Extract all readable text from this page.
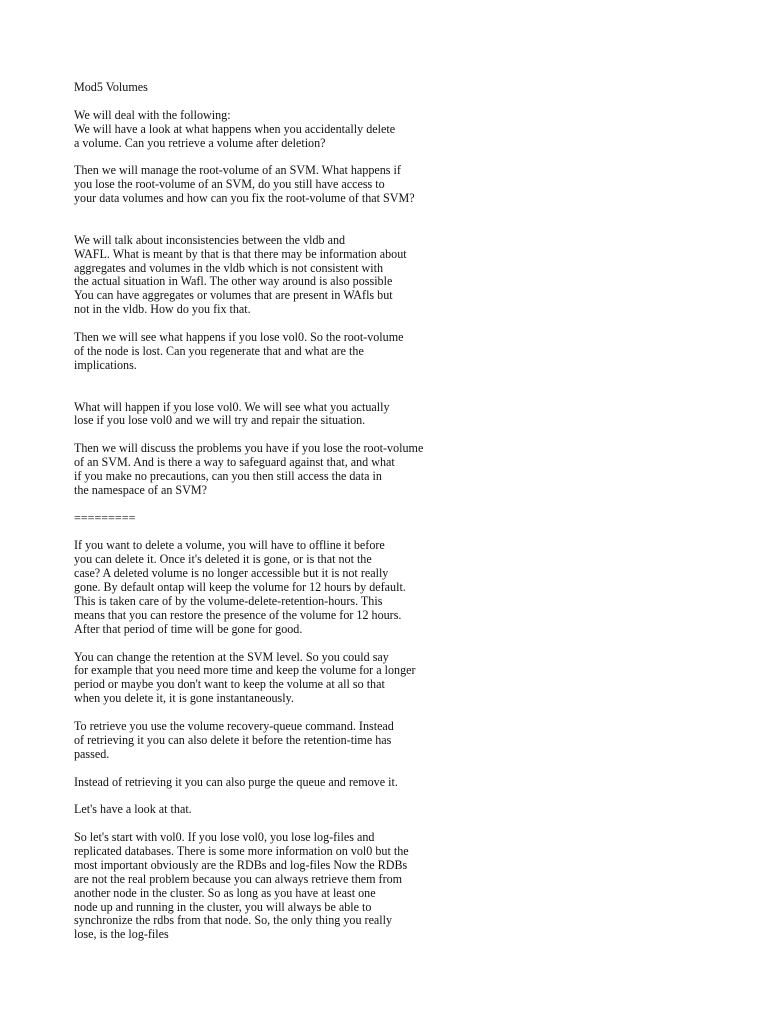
Mod5 Volumes
We will deal with the following:
We will have a look at what happens when you accidentally delete
a volume. Can you retrieve a volume after deletion?
Then we will manage the root-volume of an SVM. What happens if
you lose the root-volume of an SVM, do you still have access to
your data volumes and how can you fix the root-volume of that SVM?
We will talk about inconsistencies between the vldb and
WAFL. What is meant by that is that there may be information about
aggregates and volumes in the vldb which is not consistent with
the actual situation in Wafl. The other way around is also possible
You can have aggregates or volumes that are present in WAfls but
not in the vldb. How do you fix that.
Then we will see what happens if you lose vol0. So the root-volume
of the node is lost. Can you regenerate that and what are the
implications.
What will happen if you lose vol0. We will see what you actually
lose if you lose vol0 and we will try and repair the situation.
Then we will discuss the problems you have if you lose the root-volume
of an SVM. And is there a way to safeguard against that, and what
if you make no precautions, can you then still access the data in
the namespace of an SVM?
=========
If you want to delete a volume, you will have to offline it before
you can delete it. Once it's deleted it is gone, or is that not the
case? A deleted volume is no longer accessible but it is not really
gone. By default ontap will keep the volume for 12 hours by default.
This is taken care of by the volume-delete-retention-hours. This
means that you can restore the presence of the volume for 12 hours.
After that period of time will be gone for good.
You can change the retention at the SVM level. So you could say
for example that you need more time and keep the volume for a longer
period or maybe you don't want to keep the volume at all so that
when you delete it, it is gone instantaneously.
To retrieve you use the volume recovery-queue command. Instead
of retrieving it you can also delete it before the retention-time has
passed.
Instead of retrieving it you can also purge the queue and remove it.
Let's have a look at that.
So let's start with vol0. If you lose vol0, you lose log-files and
replicated databases. There is some more information on vol0 but the
most important obviously are the RDBs and log-files Now the RDBs
are not the real problem because you can always retrieve them from
another node in the cluster. So as long as you have at least one
node up and running in the cluster, you will always be able to
synchronize the rdbs from that node. So, the only thing you really
lose, is the log-files
